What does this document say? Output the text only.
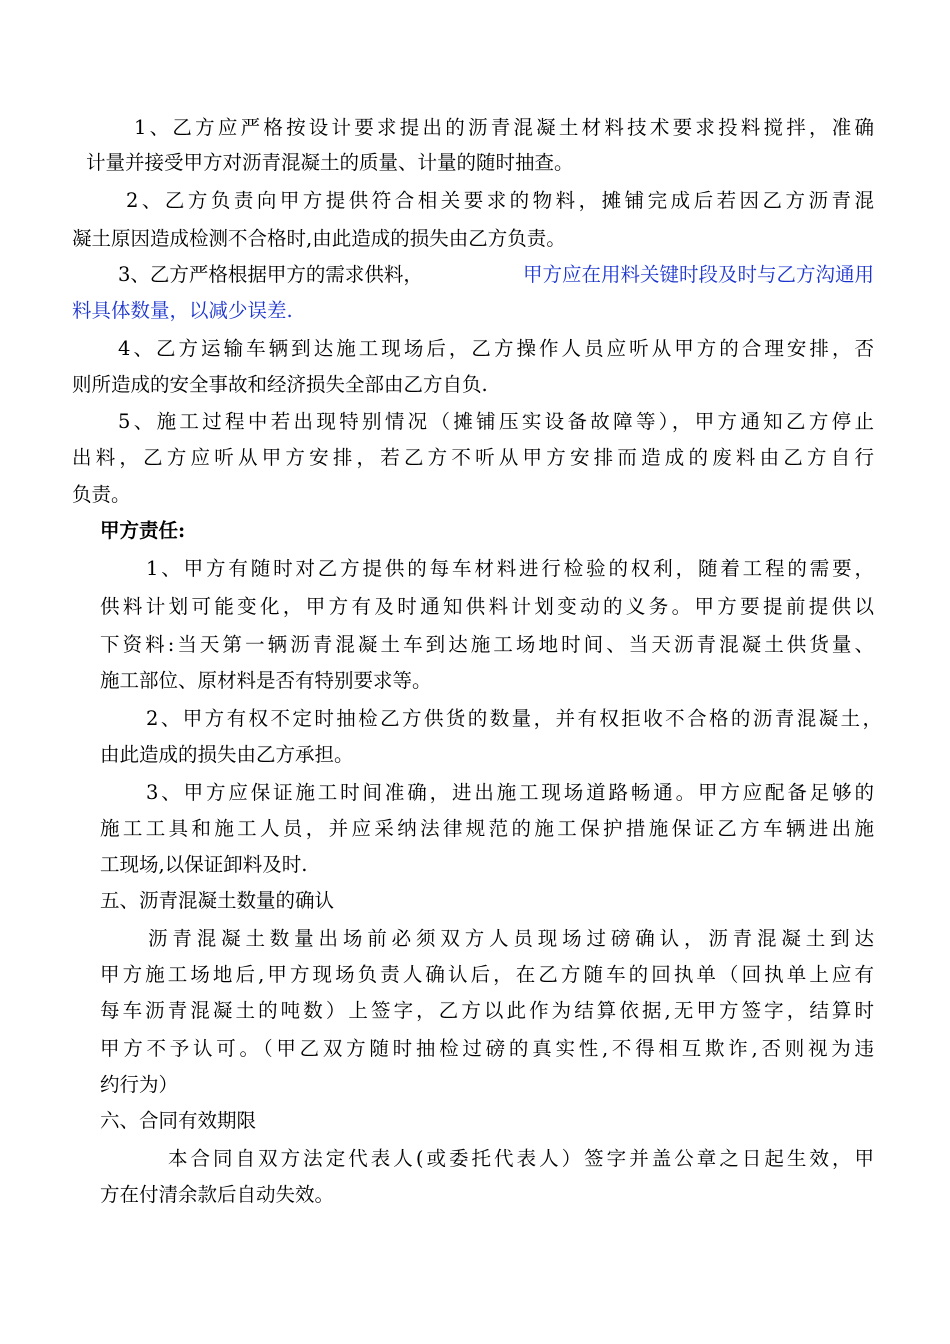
1、乙方应严格按设计要求提出的沥青混凝土材料技术要求投料搅拌，准确
计量并接受甲方对沥青混凝土的质量、计量的随时抽查。
2、乙方负责向甲方提供符合相关要求的物料，摊铺完成后若因乙方沥青混
凝土原因造成检测不合格时,由此造成的损失由乙方负责。
3、乙方严格根据甲方的需求供料，	甲方应在用料关键时段及时与乙方沟通用
料具体数量，以减少误差.
4、乙方运输车辆到达施工现场后，乙方操作人员应听从甲方的合理安排，否
则所造成的安全事故和经济损失全部由乙方自负.
5、施工过程中若出现特别情况（摊铺压实设备故障等），甲方通知乙方停止
出料，乙方应听从甲方安排，若乙方不听从甲方安排而造成的废料由乙方自行
负责。
甲方责任:
1、甲方有随时对乙方提供的每车材料进行检验的权利，随着工程的需要，
供料计划可能变化，甲方有及时通知供料计划变动的义务。甲方要提前提供以
下资料:当天第一辆沥青混凝土车到达施工场地时间、当天沥青混凝土供货量、
施工部位、原材料是否有特别要求等。
2、甲方有权不定时抽检乙方供货的数量，并有权拒收不合格的沥青混凝土，
由此造成的损失由乙方承担。
3、甲方应保证施工时间准确，进出施工现场道路畅通。甲方应配备足够的
施工工具和施工人员，并应采纳法律规范的施工保护措施保证乙方车辆进出施
工现场,以保证卸料及时.
五、沥青混凝土数量的确认
沥青混凝土数量出场前必须双方人员现场过磅确认，沥青混凝土到达
甲方施工场地后,甲方现场负责人确认后，在乙方随车的回执单（回执单上应有
每车沥青混凝土的吨数）上签字，乙方以此作为结算依据,无甲方签字，结算时
甲方不予认可。（甲乙双方随时抽检过磅的真实性,不得相互欺诈,否则视为违
约行为）
六、合同有效期限
本合同自双方法定代表人(或委托代表人）签字并盖公章之日起生效，甲
方在付清余款后自动失效。
